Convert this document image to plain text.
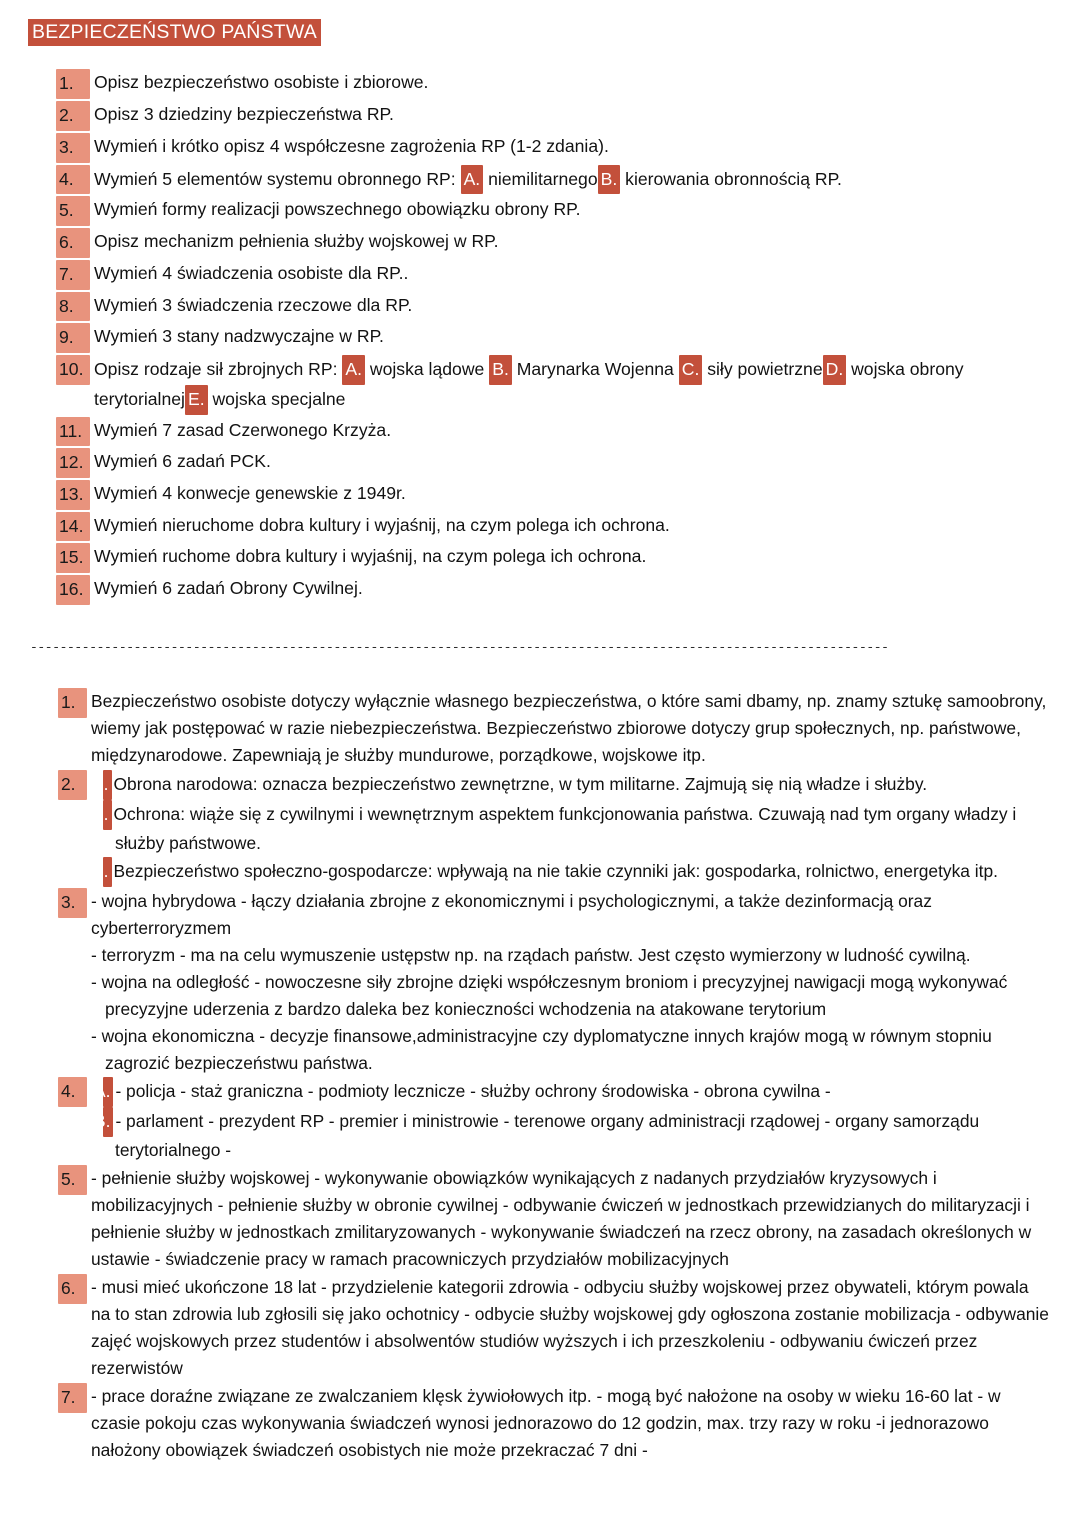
BEZPIECZEŃSTWO PAŃSTWA
1.	Opisz bezpieczeństwo osobiste i zbiorowe.
2.	Opisz 3 dziedziny bezpieczeństwa RP.
3.	Wymień i krótko opisz 4 współczesne zagrożenia RP (1-2 zdania).
4.	Wymień 5 elementów systemu obronnego RP: A. niemilitarnego B. kierowania obronnością RP.
5.	Wymień formy realizacji powszechnego obowiązku obrony RP.
6.	Opisz mechanizm pełnienia służby wojskowej w RP.
7.	Wymień 4 świadczenia osobiste dla RP..
8.	Wymień 3 świadczenia rzeczowe dla RP.
9.	Wymień 3 stany nadzwyczajne w RP.
10. Opisz rodzaje sił zbrojnych RP: A. wojska lądowe B. Marynarka Wojenna C. siły powietrzne D. wojska obrony terytorialnej E. wojska specjalne
11. Wymień 7 zasad Czerwonego Krzyża.
12. Wymień 6 zadań PCK.
13. Wymień 4 konwecje genewskie z 1949r.
14. Wymień nieruchome dobra kultury i wyjaśnij, na czym polega ich ochrona.
15. Wymień ruchome dobra kultury i wyjaśnij, na czym polega ich ochrona.
16. Wymień 6 zadań Obrony Cywilnej.
--------------------------------------------------------------------------------------------------------------------
1. Bezpieczeństwo osobiste dotyczy wyłącznie własnego bezpieczeństwa, o które sami dbamy, np. znamy sztukę samoobrony, wiemy jak postępować w razie niebezpieczeństwa. Bezpieczeństwo zbiorowe dotyczy grup społecznych, np. państwowe, międzynarodowe. Zapewniają je służby mundurowe, porządkowe, wojskowe itp.

2.	1. Obrona narodowa: oznacza bezpieczeństwo zewnętrzne, w tym militarne. Zajmują się nią władze i służby.

2. Ochrona: wiąże się z cywilnymi i wewnętrznym aspektem funkcjonowania państwa. Czuwają nad tym organy władzy i służby państwowe.

3. Bezpieczeństwo społeczno-gospodarcze: wpływają na nie takie czynniki jak: gospodarka, rolnictwo, energetyka itp.

3. - wojna hybrydowa - łączy działania zbrojne z ekonomicznymi i psychologicznymi, a także dezinformacją oraz cyberterroryzmem

- terroryzm - ma na celu wymuszenie ustępstw np. na rządach państw. Jest często wymierzony w ludność cywilną.

- wojna na odległość - nowoczesne siły zbrojne dzięki współczesnym broniom i precyzyjnej nawigacji mogą wykonywać precyzyjne uderzenia z bardzo daleka bez konieczności wchodzenia na atakowane terytorium

- wojna ekonomiczna - decyzje finansowe,administracyjne czy dyplomatyczne innych krajów mogą w równym stopniu zagrozić bezpieczeństwu państwa.

4.	A. - policja - staż graniczna - podmioty lecznicze - służby ochrony środowiska - obrona cywilna -

B. - parlament - prezydent RP - premier i ministrowie - terenowe organy administracji rządowej - organy samorządu terytorialnego -

5. - pełnienie służby wojskowej - wykonywanie obowiązków wynikających z nadanych przydziałów kryzysowych i mobilizacyjnych - pełnienie służby w obronie cywilnej - odbywanie ćwiczeń w jednostkach przewidzianych do militaryzacji i pełnienie służby w jednostkach zmilitaryzowanych - wykonywanie świadczeń na rzecz obrony, na zasadach określonych w ustawie - świadczenie pracy w ramach pracowniczych przydziałów mobilizacyjnych

6. - musi mieć ukończone 18 lat - przydzielenie kategorii zdrowia - odbyciu służby wojskowej przez obywateli, którym powala na to stan zdrowia lub zgłosili się jako ochotnicy - odbycie służby wojskowej gdy ogłoszona zostanie mobilizacja - odbywanie zajęć wojskowych przez studentów i absolwentów studiów wyższych i ich przeszkoleniu - odbywaniu ćwiczeń przez rezerwistów

7. - prace doraźne związane ze zwalczaniem klęsk żywiołowych itp. - mogą być nałożone na osoby w wieku 16-60 lat - w czasie pokoju czas wykonywania świadczeń wynosi jednorazowo do 12 godzin, max. trzy razy w roku -i jednorazowo nałożony obowiązek świadczeń osobistych nie może przekraczać 7 dni -
